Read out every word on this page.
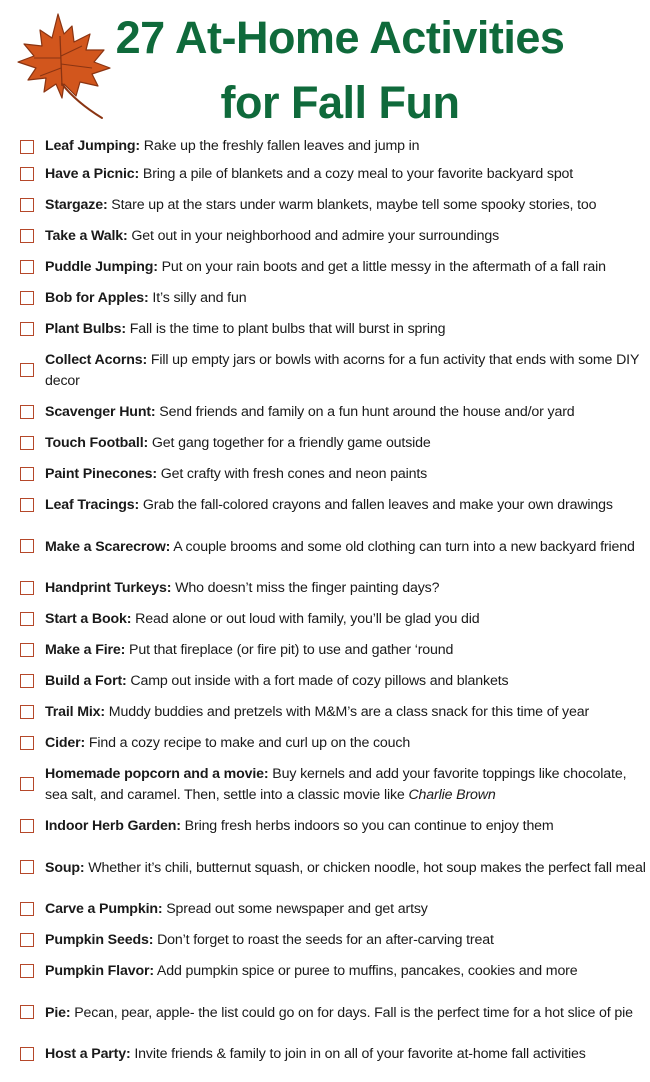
27 At-Home Activities
for Fall Fun
Leaf Jumping: Rake up the freshly fallen leaves and jump in
Have a Picnic: Bring a pile of blankets and a cozy meal to your favorite backyard spot
Stargaze: Stare up at the stars under warm blankets, maybe tell some spooky stories, too
Take a Walk: Get out in your neighborhood and admire your surroundings
Puddle Jumping: Put on your rain boots and get a little messy in the aftermath of a fall rain
Bob for Apples: It’s silly and fun
Plant Bulbs: Fall is the time to plant bulbs that will burst in spring
Collect Acorns: Fill up empty jars or bowls with acorns for a fun activity that ends with some DIY decor
Scavenger Hunt: Send friends and family on a fun hunt around the house and/or yard
Touch Football: Get gang together for a friendly game outside
Paint Pinecones: Get crafty with fresh cones and neon paints
Leaf Tracings: Grab the fall-colored crayons and fallen leaves and make your own drawings
Make a Scarecrow: A couple brooms and some old clothing can turn into a new backyard friend
Handprint Turkeys: Who doesn’t miss the finger painting days?
Start a Book: Read alone or out loud with family, you’ll be glad you did
Make a Fire: Put that fireplace (or fire pit) to use and gather ‘round
Build a Fort: Camp out inside with a fort made of cozy pillows and blankets
Trail Mix: Muddy buddies and pretzels with M&M’s are a class snack for this time of year
Cider: Find a cozy recipe to make and curl up on the couch
Homemade popcorn and a movie: Buy kernels and add your favorite toppings like chocolate, sea salt, and caramel. Then, settle into a classic movie like Charlie Brown
Indoor Herb Garden: Bring fresh herbs indoors so you can continue to enjoy them
Soup: Whether it’s chili, butternut squash, or chicken noodle, hot soup makes the perfect fall meal
Carve a Pumpkin: Spread out some newspaper and get artsy
Pumpkin Seeds: Don’t forget to roast the seeds for an after-carving treat
Pumpkin Flavor: Add pumpkin spice or puree to muffins, pancakes, cookies and more
Pie: Pecan, pear, apple- the list could go on for days. Fall is the perfect time for a hot slice of pie
Host a Party: Invite friends & family to join in on all of your favorite at-home fall activities
